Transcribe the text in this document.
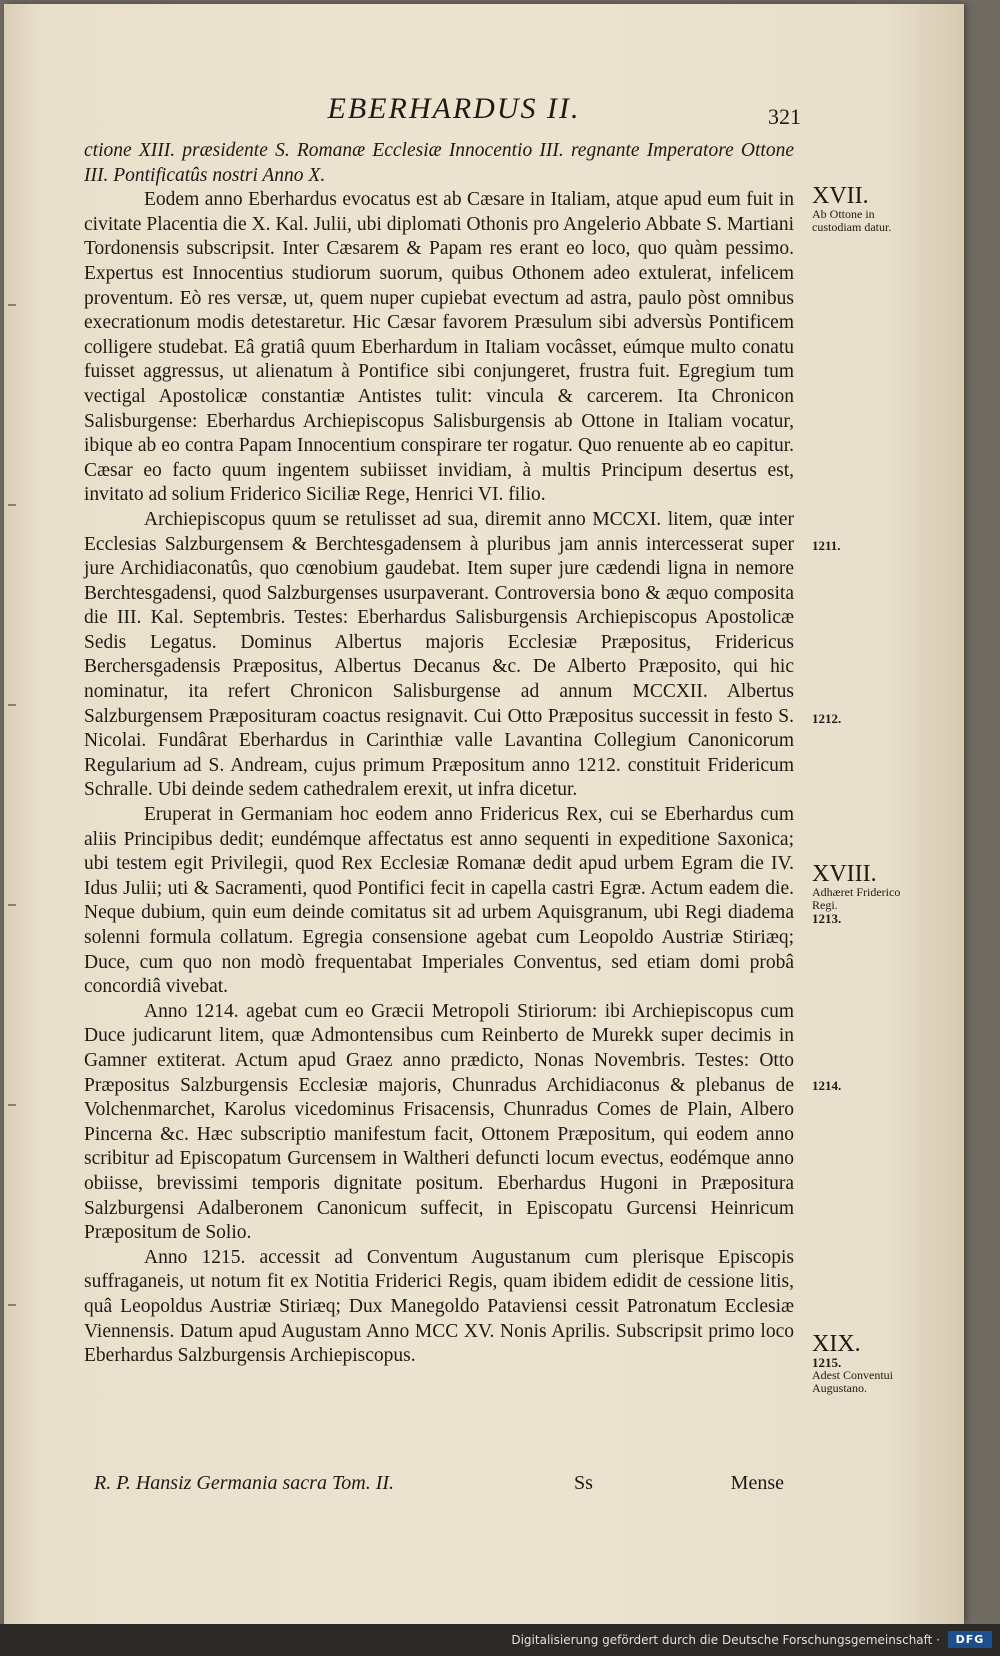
EBERHARDUS II.	321

ctione XIII. præsidente S. Romanæ Ecclesiæ Innocentio III. regnante Imperatore Ottone III. Pontificatûs nostri Anno X.

Eodem anno Eberhardus evocatus est ab Cæsare in Italiam, atque apud eum fuit in civitate Placentia die X. Kal. Julii, ubi diplomati Othonis pro Angelerio Abbate S. Martiani Tordonensis subscripsit. Inter Cæsarem & Papam res erant eo loco, quo quàm pessimo. Expertus est Innocentius studiorum suorum, quibus Othonem adeo extulerat, infelicem proventum. Eò res versæ, ut, quem nuper cupiebat evectum ad astra, paulo pòst omnibus execrationum modis detestaretur. Hic Cæsar favorem Præsulum sibi adversùs Pontificem colligere studebat. Eâ gratiâ quum Eberhardum in Italiam vocâsset, eúmque multo conatu fuisset aggressus, ut alienatum à Pontifice sibi conjungeret, frustra fuit. Egregium tum vectigal Apostolicæ constantiæ Antistes tulit: vincula & carcerem. Ita Chronicon Salisburgense: Eberhardus Archiepiscopus Salisburgensis ab Ottone in Italiam vocatur, ibique ab eo contra Papam Innocentium conspirare ter rogatur. Quo renuente ab eo capitur. Cæsar eo facto quum ingentem subiisset invidiam, à multis Principum desertus est, invitato ad solium Friderico Siciliæ Rege, Henrici VI. filio.

Archiepiscopus quum se retulisset ad sua, diremit anno MCCXI. litem, quæ inter Ecclesias Salzburgensem & Berchtesgadensem à pluribus jam annis intercesserat super jure Archidiaconatûs, quo cœnobium gaudebat. Item super jure cædendi ligna in nemore Berchtesgadensi, quod Salzburgenses usurpaverant. Controversia bono & æquo composita die III. Kal. Septembris. Testes: Eberhardus Salisburgensis Archiepiscopus Apostolicæ Sedis Legatus. Dominus Albertus majoris Ecclesiæ Præpositus, Fridericus Berchersgadensis Præpositus, Albertus Decanus &c. De Alberto Præposito, qui hic nominatur, ita refert Chronicon Salisburgense ad annum MCCXII. Albertus Salzburgensem Præposituram coactus resignavit. Cui Otto Præpositus successit in festo S. Nicolai. Fundârat Eberhardus in Carinthiæ valle Lavantina Collegium Canonicorum Regularium ad S. Andream, cujus primum Præpositum anno 1212. constituit Fridericum Schralle. Ubi deinde sedem cathedralem erexit, ut infra dicetur.

Eruperat in Germaniam hoc eodem anno Fridericus Rex, cui se Eberhardus cum aliis Principibus dedit; eundémque affectatus est anno sequenti in expeditione Saxonica; ubi testem egit Privilegii, quod Rex Ecclesiæ Romanæ dedit apud urbem Egram die IV. Idus Julii; uti & Sacramenti, quod Pontifici fecit in capella castri Egræ. Actum eadem die. Neque dubium, quin eum deinde comitatus sit ad urbem Aquisgranum, ubi Regi diadema solenni formula collatum. Egregia consensione agebat cum Leopoldo Austriæ Stiriæq; Duce, cum quo non modò frequentabat Imperiales Conventus, sed etiam domi probâ concordiâ vivebat.

Anno 1214. agebat cum eo Græcii Metropoli Stiriorum: ibi Archiepiscopus cum Duce judicarunt litem, quæ Admontensibus cum Reinberto de Murekk super decimis in Gamner extiterat. Actum apud Graez anno prædicto, Nonas Novembris. Testes: Otto Præpositus Salzburgensis Ecclesiæ majoris, Chunradus Archidiaconus & plebanus de Volchenmarchet, Karolus vicedominus Frisacensis, Chunradus Comes de Plain, Albero Pincerna &c. Hæc subscriptio manifestum facit, Ottonem Præpositum, qui eodem anno scribitur ad Episcopatum Gurcensem in Waltheri defuncti locum evectus, eodémque anno obiisse, brevissimi temporis dignitate positum. Eberhardus Hugoni in Præpositura Salzburgensi Adalberonem Canonicum suffecit, in Episcopatu Gurcensi Heinricum Præpositum de Solio.

Anno 1215. accessit ad Conventum Augustanum cum plerisque Episcopis suffraganeis, ut notum fit ex Notitia Friderici Regis, quam ibidem edidit de cessione litis, quâ Leopoldus Austriæ Stiriæq; Dux Manegoldo Pataviensi cessit Patronatum Ecclesiæ Viennensis. Datum apud Augustam Anno MCC XV. Nonis Aprilis. Subscripsit primo loco Eberhardus Salzburgensis Archiepiscopus.

XVII.
Ab Ottone in custodiam datur.
1211.
1212.
XVIII.
Adhæret Friderico Regi.
1213.
1214.
XIX.
1215.
Adest Conventui Augustano.
R. P. Hansiz Germania sacra Tom. II.	Ss	Mense
Digitalisierung gefördert durch die Deutsche Forschungsgemeinschaft ·	DFG
